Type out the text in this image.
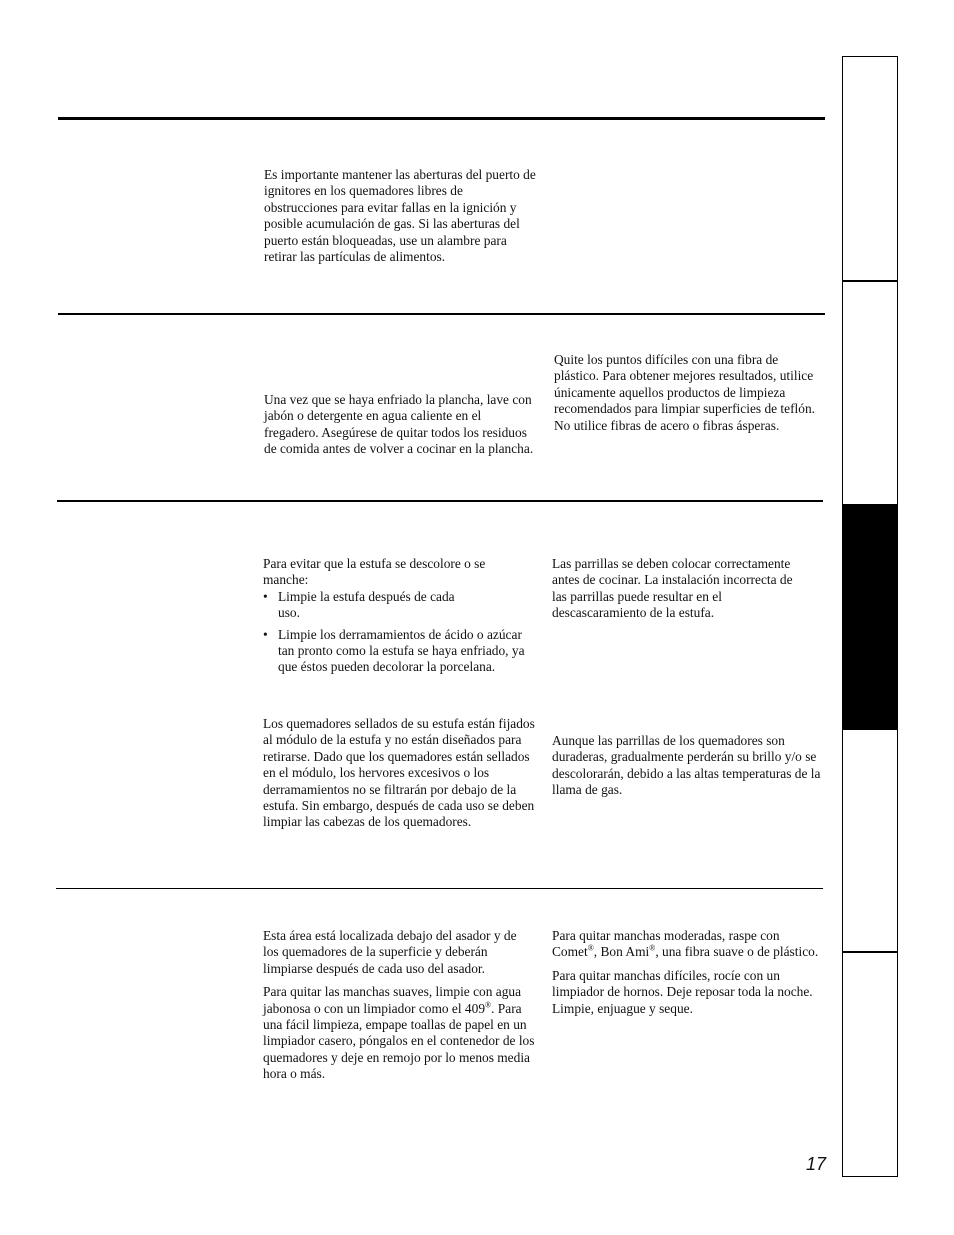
Es importante mantener las aberturas del puerto de ignitores en los quemadores libres de obstrucciones para evitar fallas en la ignición y posible acumulación de gas. Si las aberturas del puerto están bloqueadas, use un alambre para retirar las partículas de alimentos.

Una vez que se haya enfriado la plancha, lave con jabón o detergente en agua caliente en el fregadero. Asegúrese de quitar todos los residuos de comida antes de volver a cocinar en la plancha.

Quite los puntos difíciles con una fibra de plástico. Para obtener mejores resultados, utilice únicamente aquellos productos de limpieza recomendados para limpiar superficies de teflón. No utilice fibras de acero o fibras ásperas.

Para evitar que la estufa se descolore o se manche:

• Limpie la estufa después de cada uso.
• Limpie los derramamientos de ácido o azúcar tan pronto como la estufa se haya enfriado, ya que éstos pueden decolorar la porcelana.

Los quemadores sellados de su estufa están fijados al módulo de la estufa y no están diseñados para retirarse. Dado que los quemadores están sellados en el módulo, los hervores excesivos o los derramamientos no se filtrarán por debajo de la estufa. Sin embargo, después de cada uso se deben limpiar las cabezas de los quemadores.

Las parrillas se deben colocar correctamente antes de cocinar. La instalación incorrecta de las parrillas puede resultar en el descascaramiento de la estufa.

Aunque las parrillas de los quemadores son duraderas, gradualmente perderán su brillo y/o se descolorarán, debido a las altas temperaturas de la llama de gas.

Esta área está localizada debajo del asador y de los quemadores de la superficie y deberán limpiarse después de cada uso del asador.

Para quitar las manchas suaves, limpie con agua jabonosa o con un limpiador como el 409®. Para una fácil limpieza, empape toallas de papel en un limpiador casero, póngalos en el contenedor de los quemadores y deje en remojo por lo menos media hora o más.

Para quitar manchas moderadas, raspe con Comet®, Bon Ami®, una fibra suave o de plástico.

Para quitar manchas difíciles, rocíe con un limpiador de hornos. Deje reposar toda la noche. Limpie, enjuague y seque.

17
